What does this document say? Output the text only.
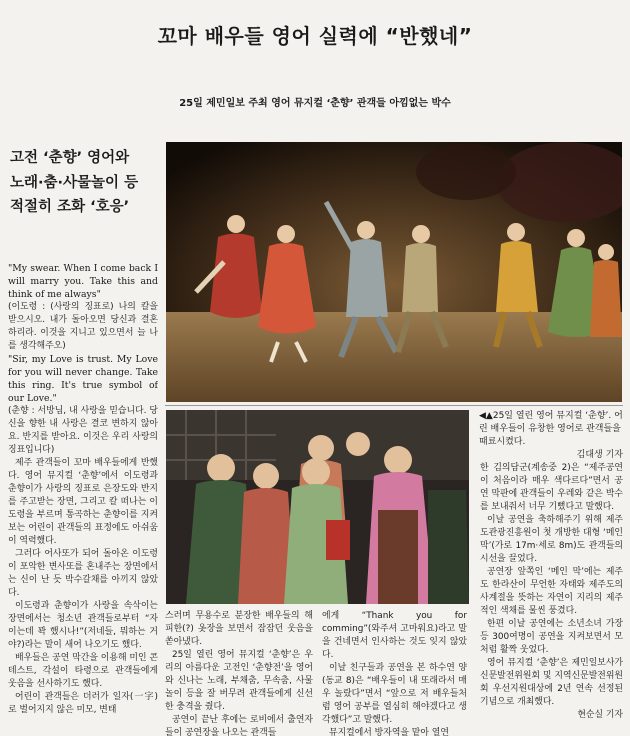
꼬마 배우들 영어 실력에 “반했네”
25일 제민일보 주최 영어 뮤지컬 ‘춘향’ 관객들 아낌없는 박수
고전 ‘춘향’ 영어와
노래·춤·사물놀이 등
적절히 조화 ‘호응’

"My swear. When I come back I will marry you. Take this and think of me always"

(이도령 : (사랑의 징표로) 나의 칼을 받으시오. 내가 돌아오면 당신과 결혼하리라. 이것을 지니고 있으면서 늘 나를 생각해주오)

"Sir, my Love is trust. My Love for you will never change. Take this ring. It's true symbol of our Love."

(춘향 : 서방님, 내 사랑을 믿습니다. 당신을 향한 내 사랑은 결코 변하지 않아요. 반지를 받아요. 이것은 우리 사랑의 징표입니다)

제주 관객들이 꼬마 배우들에게 반했다. 영어 뮤지컬 ‘춘향’에서 이도령과 춘향이가 사랑의 징표로 은장도와 반지를 주고받는 장면, 그리고 칼 떠나는 이도령을 부르며 통곡하는 춘향이를 지켜보는 어린이 관객들의 표정에도 아쉬움이 역력했다.

그러다 어사또가 되어 돌아온 이도령이 포악한 변사또를 혼내주는 장면에서는 신이 난 듯 박수갈채를 아끼지 않았다.

이도령과 춘향이가 사랑을 속삭이는 장면에서는 청소년 관객들로부터 “자이는데 꽉 했시나!”(저네들, 뭐하는 거야?)라는 말이 새어 나오기도 했다.

배우들은 공연 막간을 이용해 미인 콘테스트, 각설이 타령으로 관객들에게 웃음을 선사하기도 했다.

어린이 관객들은 더러가 일자(一字)로 벌어지지 않은 미모, 변태

◀▲25일 열린 영어 뮤지컬 ‘춘향’. 어린 배우들이 유창한 영어로 관객들을 때료시켰다.
김대생 기자

스러며 무용수로 분장한 배우들의 해피한(?) 옷장을 보면서 잠잠던 웃음을 쏟아냈다.

25일 열린 영어 뮤지컬 ‘춘향’은 우리의 아름다운 고전인 ‘춘향전’을 영어와 신나는 노래, 부채춤, 무속춤, 사물놀이 등을 잘 버무려 관객들에게 신선한 충격을 줬다.

공연이 끝난 후에는 로비에서 출연자들이 공연장을 나오는 관객들

에게 “Thank you for comming”(와주셔 고마워요)라고 말을 건네면서 인사하는 것도 잊지 않았다.

이날 친구들과 공연을 본 하수연 양(동교 8)은 “배우들이 내 또래라서 매우 놀랐다”면서 “앞으로 저 배우들처럼 영어 공부를 열심히 해야겠다고 생각했다”고 말했다.

뮤지컬에서 방자역을 맡아 열연

한 김의담군(계송중 2)은 “제주공연이 처음이라 매우 색다르다”면서 공연 막판에 관객들이 우레와 같은 박수를 보내줘서 너무 기뻤다고 말했다.

이날 공연을 축하해주기 위해 제주도관광진흥원이 첫 개방한 대형 ‘메인 막’(가로 17m·세로 8m)도 관객들의 시선을 끌었다.

공연장 앞쪽인 ‘메인 막’에는 제주도 한라산이 무언한 자태와 제주도의 사계절을 뜻하는 자연이 지리의 제주적인 색채를 물씬 풍겼다.

한편 이날 공연에는 소년소녀 가장 등 300여명이 공연을 지켜보면서 모처럼 활짝 웃었다.

영어 뮤지컬 ‘춘향’은 제민일보사가 신문발전위원회 및 지역신문발전위원회 우선지원대상에 2년 연속 선정된 기념으로 개최했다.

현순실 기자
